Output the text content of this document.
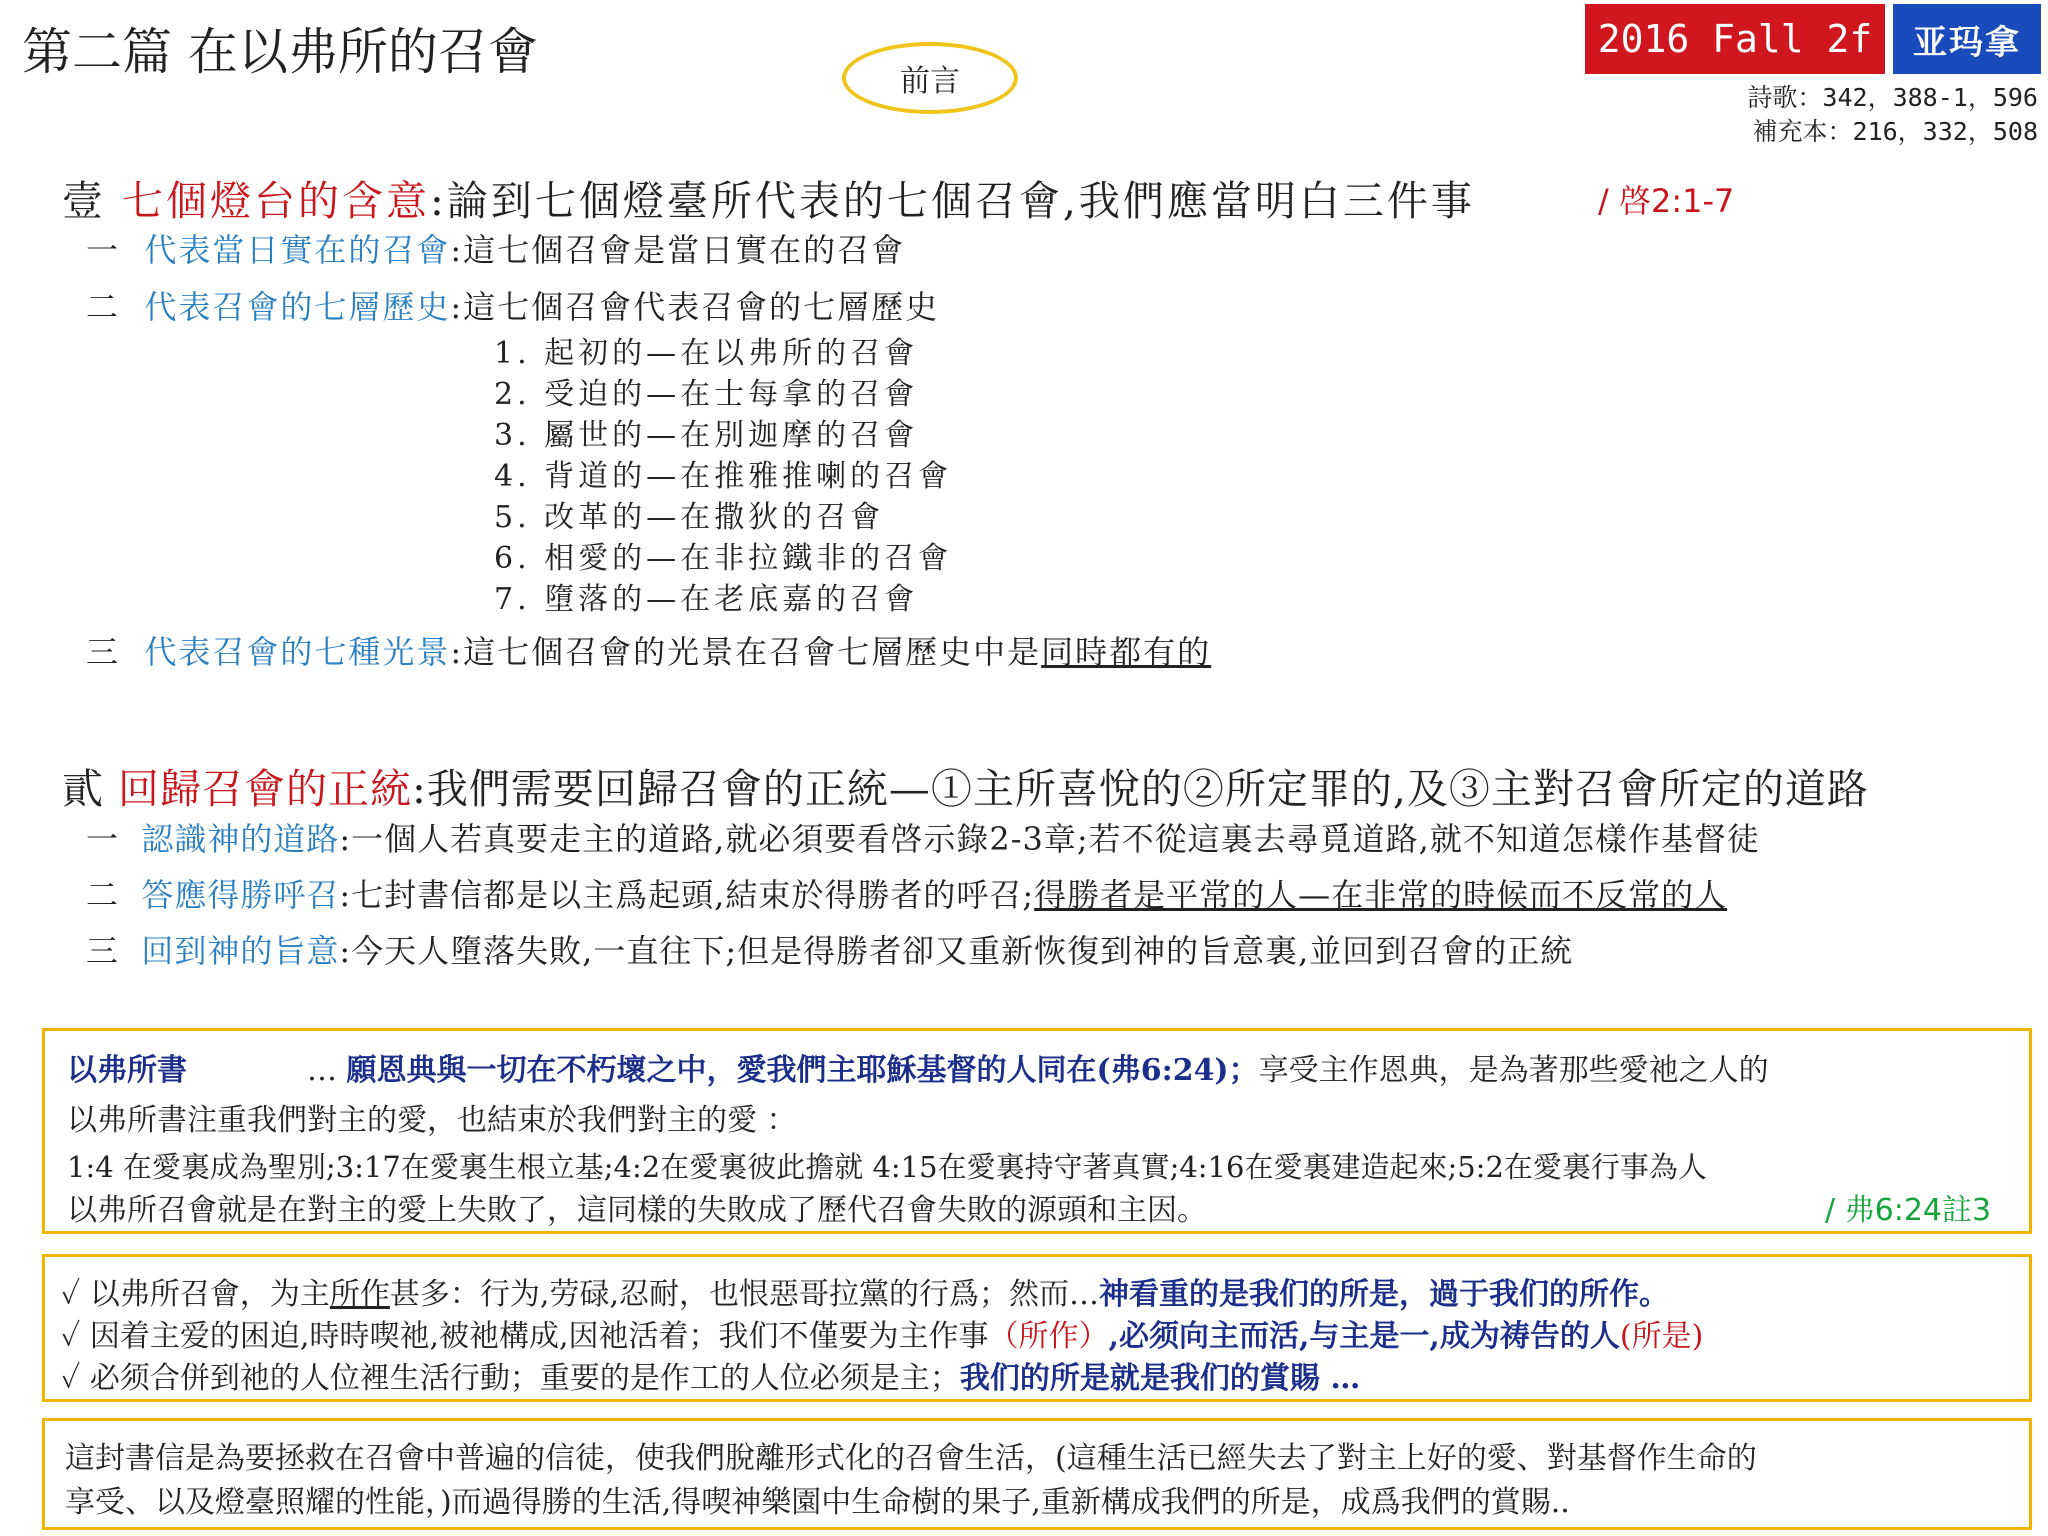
第二篇 在以弗所的召會
前言
2016 Fall 2f	亚玛拿
詩歌：342，388-1，596
補充本：216，332，508
壹 七個燈台的含意:論到七個燈臺所代表的七個召會,我們應當明白三件事	/ 啓2:1-7
一 代表當日實在的召會:這七個召會是當日實在的召會
二 代表召會的七層歷史:這七個召會代表召會的七層歷史
1. 起初的—在以弗所的召會
2. 受迫的—在士每拿的召會
3. 屬世的—在別迦摩的召會
4. 背道的—在推雅推喇的召會
5. 改革的—在撒狄的召會
6. 相愛的—在非拉鐵非的召會
7. 墮落的—在老底嘉的召會
三 代表召會的七種光景:這七個召會的光景在召會七層歷史中是同時都有的
貳 回歸召會的正統:我們需要回歸召會的正統—①主所喜悅的②所定罪的,及③主對召會所定的道路
一 認識神的道路:一個人若真要走主的道路,就必須要看啓示錄2-3章;若不從這裏去尋覓道路,就不知道怎樣作基督徒
二 答應得勝呼召:七封書信都是以主爲起頭,結束於得勝者的呼召;得勝者是平常的人—在非常的時候而不反常的人
三 回到神的旨意:今天人墮落失敗,一直往下;但是得勝者卻又重新恢復到神的旨意裏,並回到召會的正統
以弗所書	… 願恩典與一切在不朽壞之中，愛我們主耶穌基督的人同在(弗6:24)；享受主作恩典，是為著那些愛祂之人的
以弗所書注重我們對主的愛，也結束於我們對主的愛 ：
1:4 在愛裏成為聖別;3:17在愛裏生根立基;4:2在愛裏彼此擔就 4:15在愛裏持守著真實;4:16在愛裏建造起來;5:2在愛裏行事為人
以弗所召會就是在對主的愛上失敗了，這同樣的失敗成了歷代召會失敗的源頭和主因。	/ 弗6:24註3
✓ 以弗所召會，为主所作甚多：行为,劳碌,忍耐，也恨惡哥拉黨的行爲；然而…神看重的是我们的所是，過于我们的所作。
✓ 因着主爱的困迫,時時喫祂,被祂構成,因祂活着；我们不僅要为主作事（所作）,必须向主而活,与主是一,成为祷告的人(所是)
✓ 必须合併到祂的人位裡生活行動；重要的是作工的人位必须是主；我们的所是就是我们的賞賜 …
這封書信是為要拯救在召會中普遍的信徒，使我們脫離形式化的召會生活，(這種生活已經失去了對主上好的愛、對基督作生命的
享受、以及燈臺照耀的性能，)而過得勝的生活,得喫神樂園中生命樹的果子,重新構成我們的所是，成爲我們的賞賜..
